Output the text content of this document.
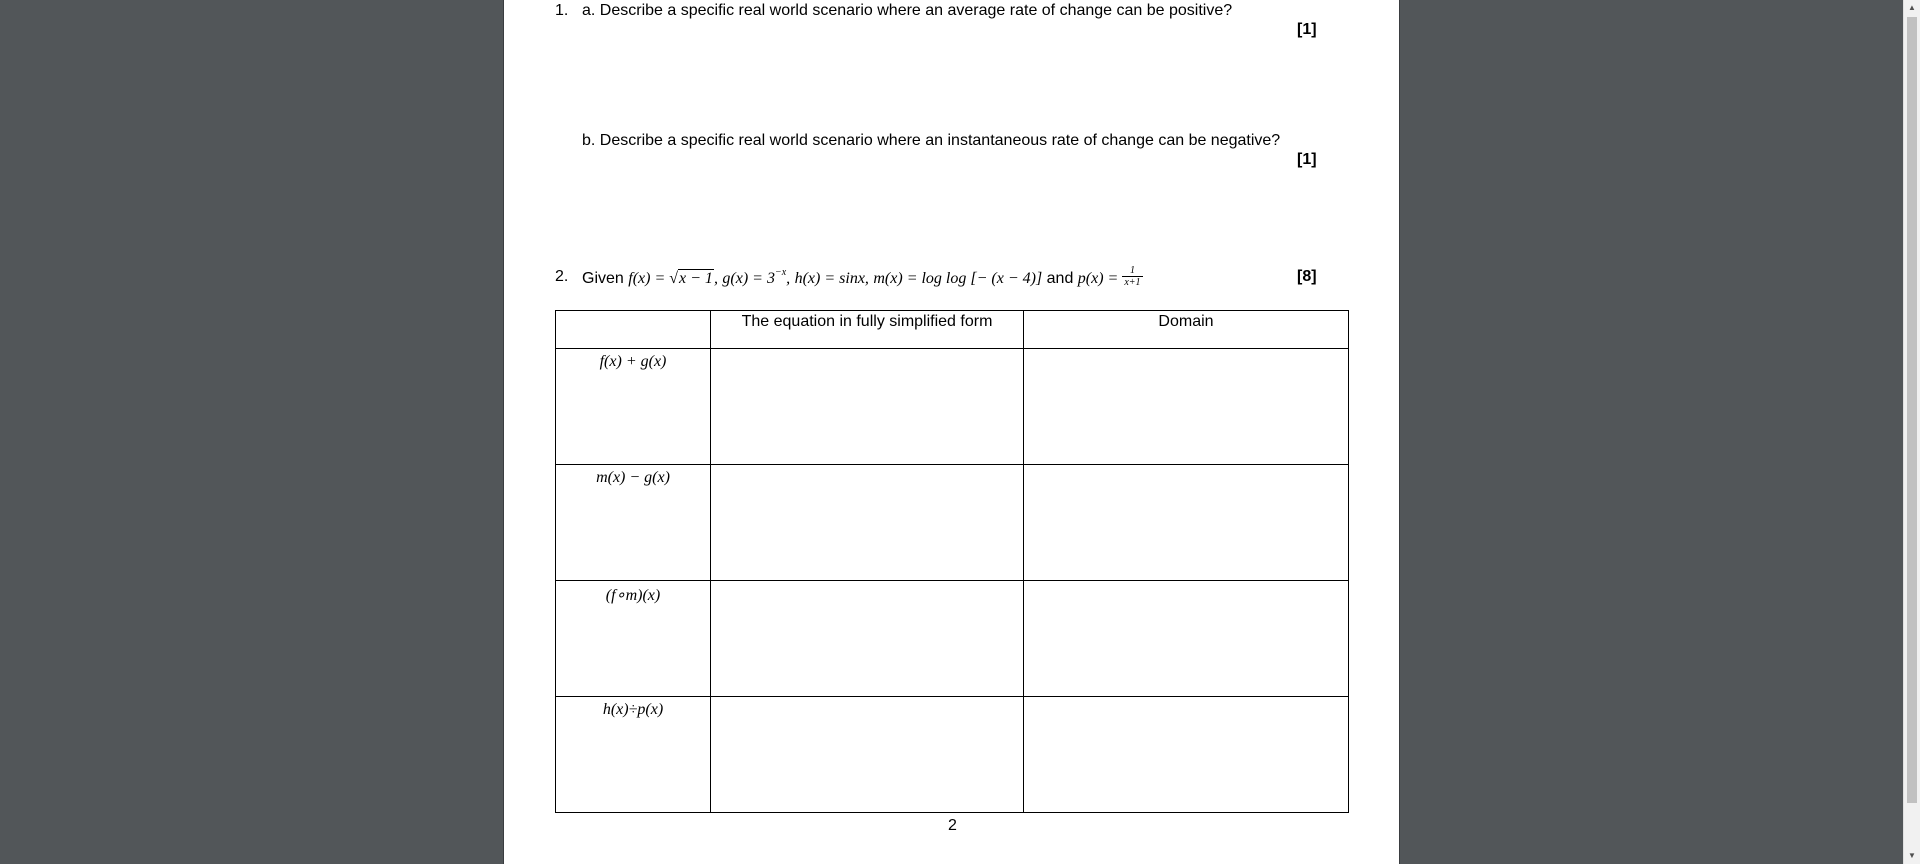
1. a. Describe a specific real world scenario where an average rate of change can be positive?
[1]
b. Describe a specific real world scenario where an instantaneous rate of change can be negative?
[1]
2. Given f(x) = √x − 1, $g(x) = 3^{-x}$, h(x) = sinx, m(x) = log log [− (x − 4)] and $p(x) = \frac{1}{x+1}$	[8]
	The equation in fully simplified form	Domain
f(x) + g(x)		
m(x) − g(x)		
(f∘m)(x)		
h(x)÷p(x)		
2
▲
▼
